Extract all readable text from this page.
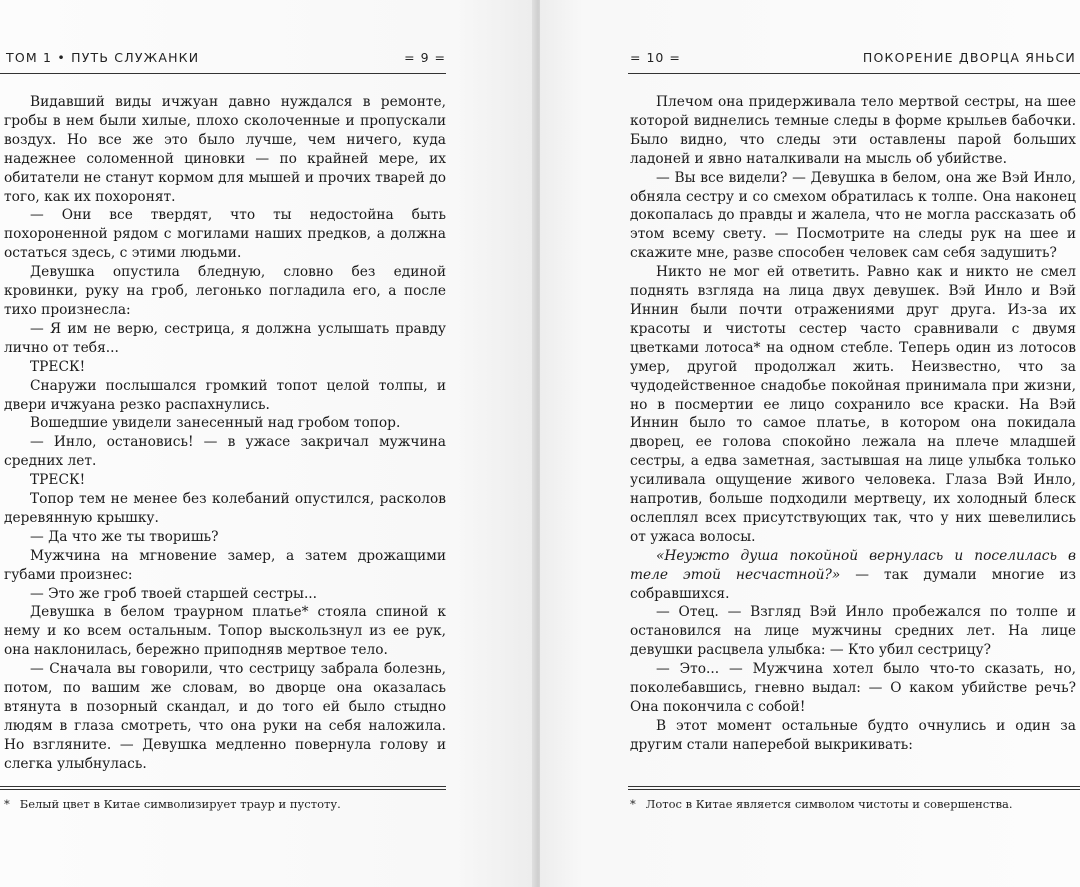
ТОМ 1 • ПУТЬ СЛУЖАНКИ	= 9 =

Видавший виды ичжуан давно нуждался в ремонте, гробы в нем были хилые, плохо сколоченные и пропускали воздух. Но все же это было лучше, чем ничего, куда надежнее соломенной циновки — по крайней мере, их обитатели не станут кормом для мышей и прочих тварей до того, как их похоронят.

— Они все твердят, что ты недостойна быть похороненной рядом с могилами наших предков, а должна остаться здесь, с этими людьми.

Девушка опустила бледную, словно без единой кровинки, руку на гроб, легонько погладила его, а после тихо произнесла:

— Я им не верю, сестрица, я должна услышать правду лично от тебя...

ТРЕСК!

Снаружи послышался громкий топот целой толпы, и двери ичжуана резко распахнулись.

Вошедшие увидели занесенный над гробом топор.

— Инло, остановись! — в ужасе закричал мужчина средних лет.

ТРЕСК!

Топор тем не менее без колебаний опустился, расколов деревянную крышку.

— Да что же ты творишь?

Мужчина на мгновение замер, а затем дрожащими губами произнес:

— Это же гроб твоей старшей сестры...

Девушка в белом траурном платье* стояла спиной к нему и ко всем остальным. Топор выскользнул из ее рук, она наклонилась, бережно приподняв мертвое тело.

— Сначала вы говорили, что сестрицу забрала болезнь, потом, по вашим же словам, во дворце она оказалась втянута в позорный скандал, и до того ей было стыдно людям в глаза смотреть, что она руки на себя наложила. Но взгляните. — Девушка медленно повернула голову и слегка улыбнулась.

* Белый цвет в Китае символизирует траур и пустоту.
= 10 =	ПОКОРЕНИЕ ДВОРЦА ЯНЬСИ

Плечом она придерживала тело мертвой сестры, на шее которой виднелись темные следы в форме крыльев бабочки. Было видно, что следы эти оставлены парой больших ладоней и явно наталкивали на мысль об убийстве.

— Вы все видели? — Девушка в белом, она же Вэй Инло, обняла сестру и со смехом обратилась к толпе. Она наконец докопалась до правды и жалела, что не могла рассказать об этом всему свету. — Посмотрите на следы рук на шее и скажите мне, разве способен человек сам себя задушить?

Никто не мог ей ответить. Равно как и никто не смел поднять взгляда на лица двух девушек. Вэй Инло и Вэй Иннин были почти отражениями друг друга. Из-за их красоты и чистоты сестер часто сравнивали с двумя цветками лотоса* на одном стебле. Теперь один из лотосов умер, другой продолжал жить. Неизвестно, что за чудодейственное снадобье покойная принимала при жизни, но в посмертии ее лицо сохранило все краски. На Вэй Иннин было то самое платье, в котором она покидала дворец, ее голова спокойно лежала на плече младшей сестры, а едва заметная, застывшая на лице улыбка только усиливала ощущение живого человека. Глаза Вэй Инло, напротив, больше подходили мертвецу, их холодный блеск ослеплял всех присутствующих так, что у них шевелились от ужаса волосы.

«Неужто душа покойной вернулась и поселилась в теле этой несчастной?» — так думали многие из собравшихся.

— Отец. — Взгляд Вэй Инло пробежался по толпе и остановился на лице мужчины средних лет. На лице девушки расцвела улыбка: — Кто убил сестрицу?

— Это... — Мужчина хотел было что-то сказать, но, поколебавшись, гневно выдал: — О каком убийстве речь? Она покончила с собой!

В этот момент остальные будто очнулись и один за другим стали наперебой выкрикивать:

* Лотос в Китае является символом чистоты и совершенства.
